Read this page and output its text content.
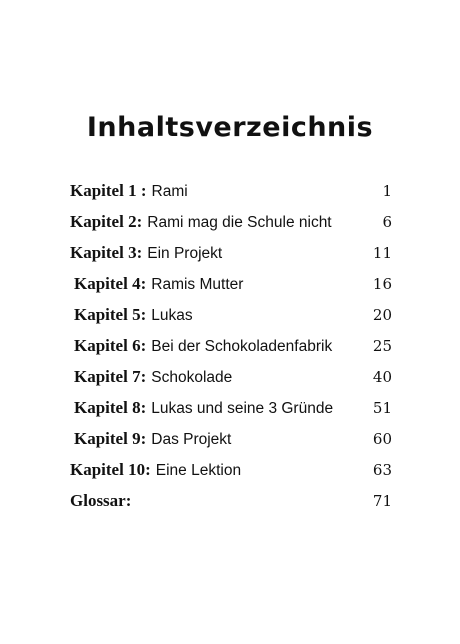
Inhaltsverzeichnis
Kapitel 1 : Rami	1
Kapitel 2: Rami mag die Schule nicht	6
Kapitel 3: Ein Projekt	11
Kapitel 4: Ramis Mutter	16
Kapitel 5: Lukas	20
Kapitel 6: Bei der Schokoladenfabrik	25
Kapitel 7: Schokolade	40
Kapitel 8: Lukas und seine 3 Gründe	51
Kapitel 9: Das Projekt	60
Kapitel 10: Eine Lektion	63
Glossar:	71
